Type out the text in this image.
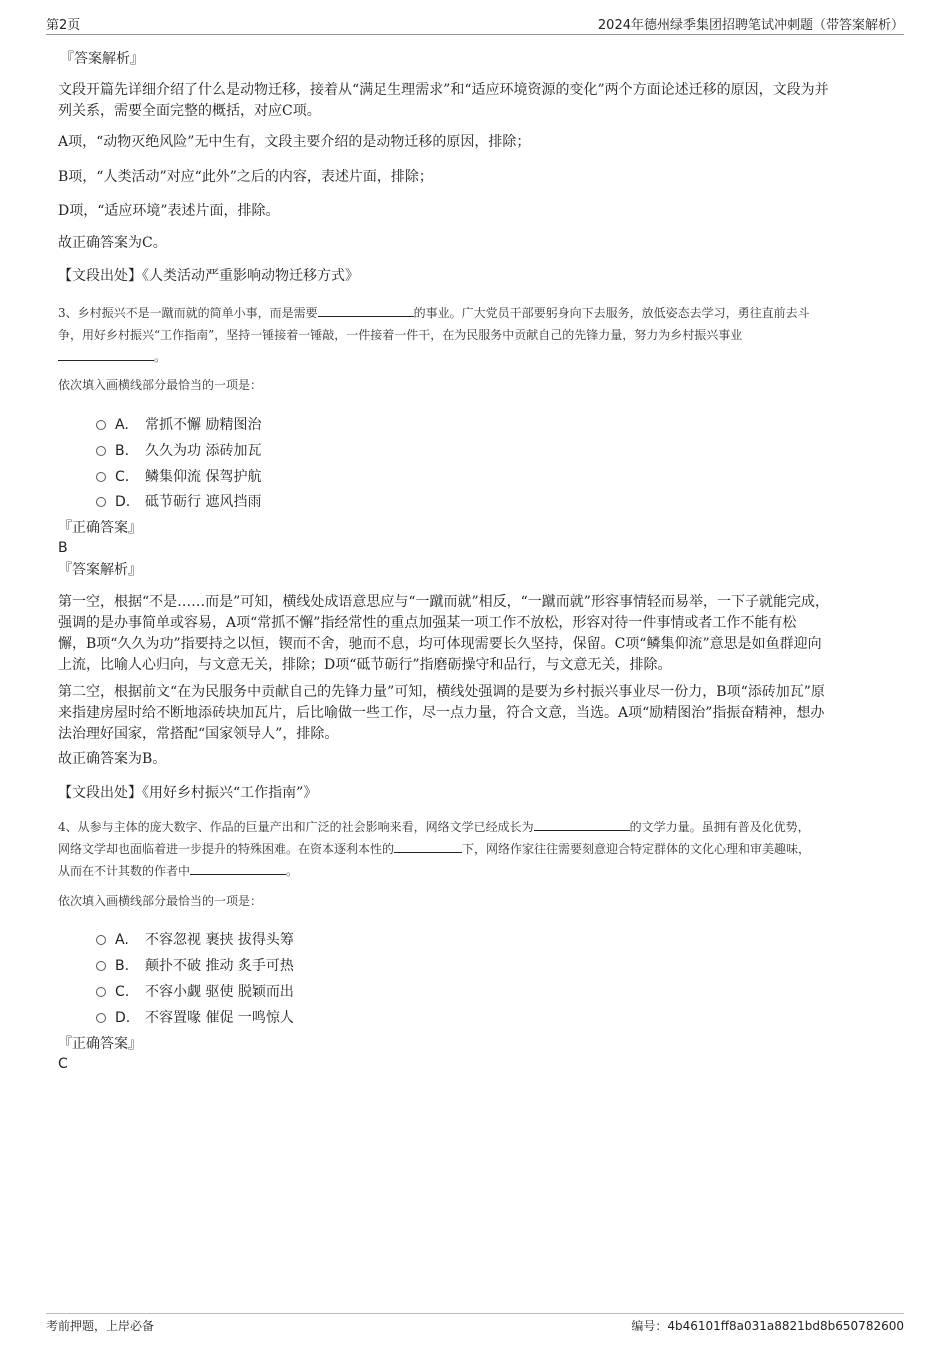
第2页	2024年德州绿季集团招聘笔试冲刺题（带答案解析）
『答案解析』
文段开篇先详细介绍了什么是动物迁移，接着从“满足生理需求”和“适应环境资源的变化”两个方面论述迁移的原因，文段为并
列关系，需要全面完整的概括，对应C项。
A项，“动物灭绝风险”无中生有，文段主要介绍的是动物迁移的原因，排除；
B项，“人类活动”对应“此外”之后的内容，表述片面，排除；
D项，“适应环境”表述片面，排除。
故正确答案为C。
【文段出处】《人类活动严重影响动物迁移方式》
3、乡村振兴不是一蹴而就的简单小事，而是需要	的事业。广大党员干部要躬身向下去服务，放低姿态去学习，勇往直前去斗
争，用好乡村振兴“工作指南”，坚持一锤接着一锤敲，一件接着一件干，在为民服务中贡献自己的先锋力量，努力为乡村振兴事业
。
依次填入画横线部分最恰当的一项是：
A. 常抓不懈 励精图治
B. 久久为功 添砖加瓦
C. 鳞集仰流 保驾护航
D. 砥节砺行 遮风挡雨
『正确答案』
B
『答案解析』
第一空，根据“不是……而是”可知，横线处成语意思应与“一蹴而就”相反，“一蹴而就”形容事情轻而易举，一下子就能完成，
强调的是办事简单或容易，A项“常抓不懈”指经常性的重点加强某一项工作不放松，形容对待一件事情或者工作不能有松
懈，B项“久久为功”指要持之以恒，锲而不舍，驰而不息，均可体现需要长久坚持，保留。C项“鳞集仰流”意思是如鱼群迎向
上流，比喻人心归向，与文意无关，排除；D项“砥节砺行”指磨砺操守和品行，与文意无关，排除。
第二空，根据前文“在为民服务中贡献自己的先锋力量”可知，横线处强调的是要为乡村振兴事业尽一份力，B项“添砖加瓦”原
来指建房屋时给不断地添砖块加瓦片，后比喻做一些工作，尽一点力量，符合文意，当选。A项“励精图治”指振奋精神，想办
法治理好国家，常搭配“国家领导人”，排除。
故正确答案为B。
【文段出处】《用好乡村振兴“工作指南”》
4、从参与主体的庞大数字、作品的巨量产出和广泛的社会影响来看，网络文学已经成长为	的文学力量。虽拥有普及化优势，
网络文学却也面临着进一步提升的特殊困难。在资本逐利本性的	下，网络作家往往需要刻意迎合特定群体的文化心理和审美趣味，
从而在不计其数的作者中	。
依次填入画横线部分最恰当的一项是：
A. 不容忽视 裹挟 拔得头筹
B. 颠扑不破 推动 炙手可热
C. 不容小觑 驱使 脱颖而出
D. 不容置喙 催促 一鸣惊人
『正确答案』
C
考前押题，上岸必备	编号：4b46101ff8a031a8821bd8b650782600
